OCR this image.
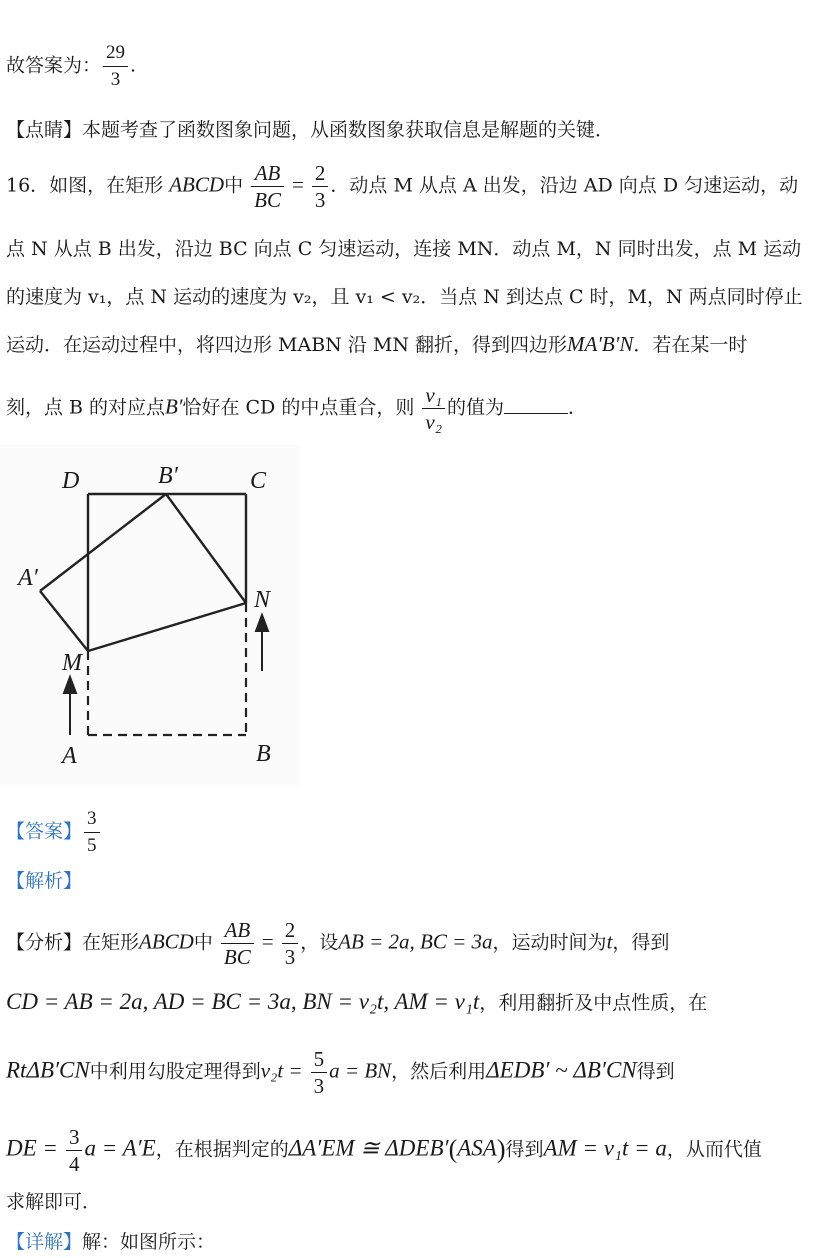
故答案为： $\frac{29}{3}$ .
【点睛】本题考查了函数图象问题，从函数图象获取信息是解题的关键．
16．如图，在矩形 ABCD中 $\frac{AB}{BC} = \frac{2}{3}$ ．动点 M 从点 A 出发，沿边 AD 向点 D 匀速运动，动
点 N 从点 B 出发，沿边 BC 向点 C 匀速运动，连接 MN．动点 M，N 同时出发，点 M 运动
的速度为 v₁，点 N 运动的速度为 v₂，且 v₁ < v₂．当点 N 到达点 C 时，M，N 两点同时停止
运动．在运动过程中，将四边形 MABN 沿 MN 翻折，得到四边形MA′B′N．若在某一时
刻，点 B 的对应点B′恰好在 CD 的中点重合，则 $\frac{\text{v₁}}{\text{v₂}}$ 的值为	．
D	B′	C
A′
N
M
A	B
【答案】 $\frac{3}{5}$
【解析】
【分析】在矩形ABCD中 $\frac{AB}{BC} = \frac{2}{3}$ ，设AB = 2a, BC = 3a，运动时间为t，得到
CD = AB = 2a, AD = BC = 3a, BN = v₂t, AM = v₁t，利用翻折及中点性质，在
RtΔB′CN中利用勾股定理得到$v_2t = \frac{5}{3}$ a = BN，然后利用ΔEDB′ ~ ΔB′CN得到
DE = $\frac{3}{4}$ a = A′E，在根据判定的ΔA′EM ≅ ΔDEB′(ASA)得到AM = v₁t = a，从而代值
求解即可．
【详解】解：如图所示：
